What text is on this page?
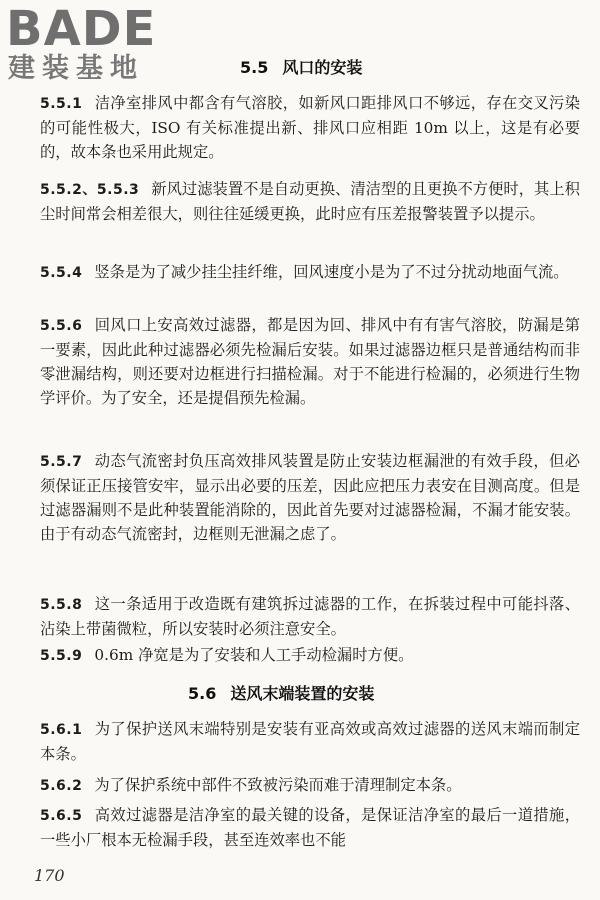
BADE
建装基地	5.5 风口的安装

5.5.1 洁净室排风中都含有气溶胶，如新风口距排风口不够远，存在交叉污染的可能性极大，ISO 有关标准提出新、排风口应相距 10m 以上，这是有必要的，故本条也采用此规定。

5.5.2、5.5.3 新风过滤装置不是自动更换、清洁型的且更换不方便时，其上积尘时间常会相差很大，则往往延缓更换，此时应有压差报警装置予以提示。

5.5.4 竖条是为了减少挂尘挂纤维，回风速度小是为了不过分扰动地面气流。

5.5.6 回风口上安高效过滤器，都是因为回、排风中有有害气溶胶，防漏是第一要素，因此此种过滤器必须先检漏后安装。如果过滤器边框只是普通结构而非零泄漏结构，则还要对边框进行扫描检漏。对于不能进行检漏的，必须进行生物学评价。为了安全，还是提倡预先检漏。

5.5.7 动态气流密封负压高效排风装置是防止安装边框漏泄的有效手段，但必须保证正压接管安牢，显示出必要的压差，因此应把压力表安在目测高度。但是过滤器漏则不是此种装置能消除的，因此首先要对过滤器检漏，不漏才能安装。由于有动态气流密封，边框则无泄漏之虑了。

5.5.8 这一条适用于改造既有建筑拆过滤器的工作，在拆装过程中可能抖落、沾染上带菌微粒，所以安装时必须注意安全。

5.5.9 0.6m 净宽是为了安装和人工手动检漏时方便。

5.6 送风末端装置的安装

5.6.1 为了保护送风末端特别是安装有亚高效或高效过滤器的送风末端而制定本条。

5.6.2 为了保护系统中部件不致被污染而难于清理制定本条。

5.6.5 高效过滤器是洁净室的最关键的设备，是保证洁净室的最后一道措施，一些小厂根本无检漏手段，甚至连效率也不能

170
